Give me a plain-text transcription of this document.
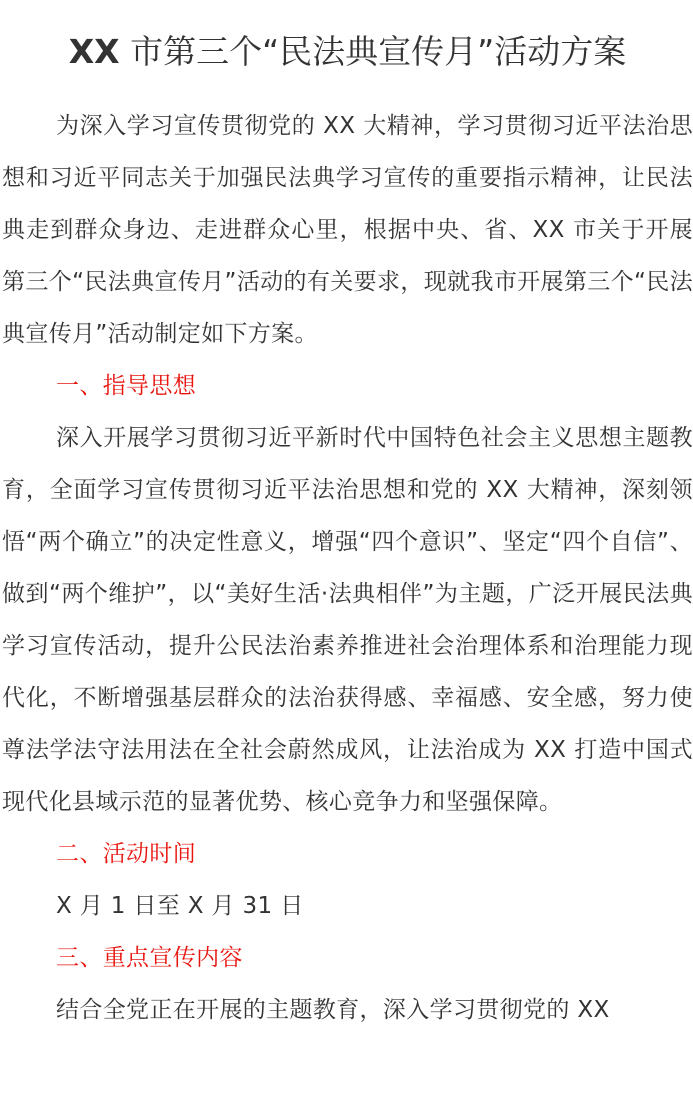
XX 市第三个“民法典宣传月”活动方案

为深入学习宣传贯彻党的 XX 大精神，学习贯彻习近平法治思想和习近平同志关于加强民法典学习宣传的重要指示精神，让民法典走到群众身边、走进群众心里，根据中央、省、XX 市关于开展第三个“民法典宣传月”活动的有关要求，现就我市开展第三个“民法典宣传月”活动制定如下方案。

一、指导思想

深入开展学习贯彻习近平新时代中国特色社会主义思想主题教育，全面学习宣传贯彻习近平法治思想和党的 XX 大精神，深刻领悟“两个确立”的决定性意义，增强“四个意识”、坚定“四个自信”、做到“两个维护”，以“美好生活·法典相伴”为主题，广泛开展民法典学习宣传活动，提升公民法治素养推进社会治理体系和治理能力现代化，不断增强基层群众的法治获得感、幸福感、安全感，努力使尊法学法守法用法在全社会蔚然成风，让法治成为 XX 打造中国式现代化县域示范的显著优势、核心竞争力和坚强保障。

二、活动时间

X 月 1 日至 X 月 31 日

三、重点宣传内容

结合全党正在开展的主题教育，深入学习贯彻党的 XX
